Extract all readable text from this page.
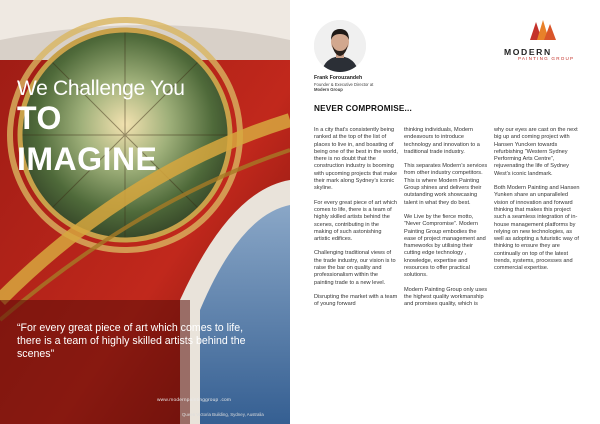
We Challenge You
TO
IMAGINE
“For every great piece of art which comes to life, there is a team of highly skilled artists behind the scenes”
www.modernpaintinggroup .com
Queen Victoria Building, Sydney, Australia
Frank Forouzandeh
Founder & Executive Director at
Modern Group
MODERN
PAINTING GROUP
NEVER COMPROMISE...

In a city that’s consistently being ranked at the top of the list of places to live in, and boasting of being one of the best in the world, there is no doubt that the construction industry is booming with upcoming projects that make their mark along Sydney’s iconic skyline.

For every great piece of art which comes to life, there is a team of highly skilled artists behind the scenes, contributing in the making of such astonishing artistic edifices.

Challenging traditional views of the trade industry, our vision is to raise the bar on quality and professionalism within the painting trade to a new level.

Disrupting the market with a team of young forward

thinking individuals, Modern endeavours to introduce technology and innovation to a traditional trade industry.

This separates Modern’s services from other industry competitors. This is where Modern Painting Group shines and delivers their outstanding work showcasing talent in what they do best.

We Live by the fierce motto, “Never Compromise”. Modern Painting Group embodies the ease of project management and frameworks by utilising their cutting edge technology , knowledge, expertise and resources to offer practical solutions.

Modern Painting Group only uses the highest quality workmanship and promises quality, which is

why our eyes are cast on the next big up and coming project with Hansen Yuncken towards refurbishing “Western Sydney Performing Arts Centre”, rejuvenating the life of Sydney West’s iconic landmark.

Both Modern Painting and Hansen Yunken share an unparalleled vision of innovation and forward thinking that makes this project such a seamless integration of in-house management platforms by relying on new technologies, as well as adopting a futuristic way of thinking to ensure they are continually on top of the latest trends, systems, processes and commercial expertise.
